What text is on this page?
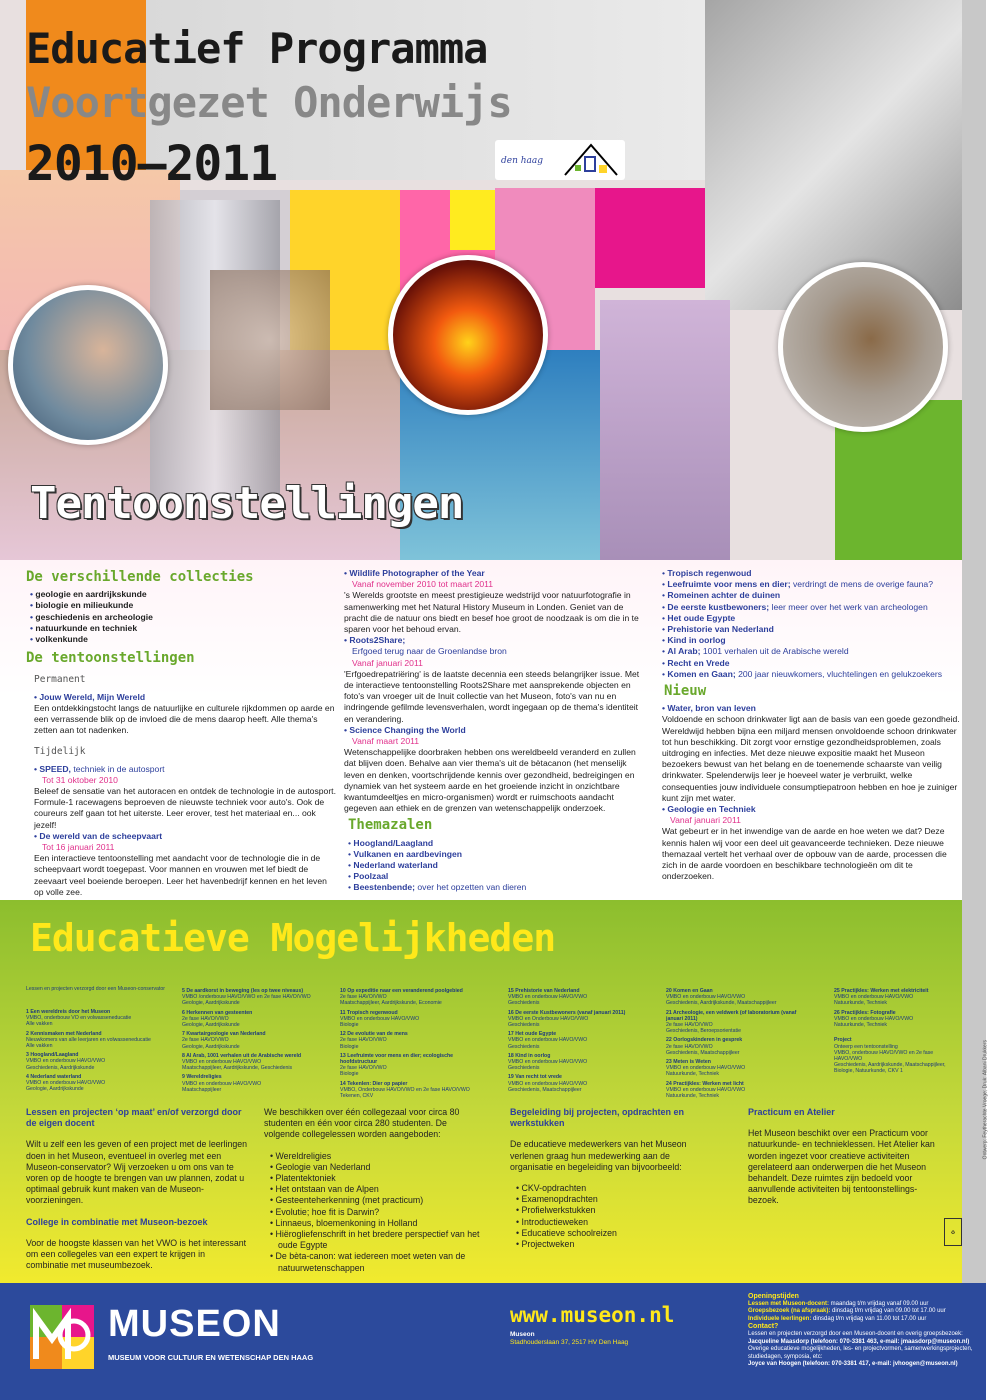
Educatief Programma
Voortgezet Onderwijs
2010–2011	den haag
Tentoonstellingen
De verschillende collecties
• geologie en aardrijkskunde
• biologie en milieukunde
• geschiedenis en archeologie
• natuurkunde en techniek
• volkenkunde
De tentoonstellingen
Permanent
• Jouw Wereld, Mijn Wereld

Een ontdekkingstocht langs de natuurlijke en culturele rijkdommen op aarde en een verrassende blik op de invloed die de mens daarop heeft. Alle thema's zetten aan tot nadenken.

Tijdelijk
• SPEED, techniek in de autosport
Tot 31 oktober 2010

Beleef de sensatie van het autoracen en ontdek de technologie in de autosport. Formule-1 racewagens beproeven de nieuwste techniek voor auto's. Ook de coureurs zelf gaan tot het uiterste. Leer erover, test het materiaal en... ook jezelf!

• De wereld van de scheepvaart
Tot 16 januari 2011

Een interactieve tentoonstelling met aandacht voor de technologie die in de scheepvaart wordt toegepast. Voor mannen en vrouwen met lef biedt de zeevaart veel boeiende beroepen. Leer het havenbedrijf kennen en het leven op volle zee.

• Wildlife Photographer of the Year
Vanaf november 2010 tot maart 2011

's Werelds grootste en meest prestigieuze wedstrijd voor natuurfotografie in samenwerking met het Natural History Museum in Londen. Geniet van de pracht die de natuur ons biedt en besef hoe groot de noodzaak is om die in te sparen voor het behoud ervan.

• Roots2Share;
Erfgoed terug naar de Groenlandse bron
Vanaf januari 2011

'Erfgoedrepatriëring' is de laatste decennia een steeds belangrijker issue. Met de interactieve tentoonstelling Roots2Share met aansprekende objecten en foto's van vroeger uit de Inuit collectie van het Museon, foto's van nu en indringende gefilmde levensverhalen, wordt ingegaan op de thema's identiteit en verandering.

• Science Changing the World
Vanaf maart 2011

Wetenschappelijke doorbraken hebben ons wereldbeeld veranderd en zullen dat blijven doen. Behalve aan vier thema's uit de bètacanon (het menselijk leven en denken, voortschrijdende kennis over gezondheid, bedreigingen en dynamiek van het systeem aarde en het groeiende inzicht in onzichtbare kwantumdeeltjes en micro-organismen) wordt er ruimschoots aandacht gegeven aan ethiek en de grenzen van wetenschappelijk onderzoek.

Themazalen
• Hoogland/Laagland
• Vulkanen en aardbevingen
• Nederland waterland
• Poolzaal
• Beestenbende; over het opzetten van dieren
• Tropisch regenwoud
• Leefruimte voor mens en dier; verdringt de mens de overige fauna?
• Romeinen achter de duinen
• De eerste kustbewoners; leer meer over het werk van archeologen
• Het oude Egypte
• Prehistorie van Nederland
• Kind in oorlog
• Al Arab; 1001 verhalen uit de Arabische wereld
• Recht en Vrede
• Komen en Gaan; 200 jaar nieuwkomers, vluchtelingen en gelukzoekers
Nieuw
• Water, bron van leven

Voldoende en schoon drinkwater ligt aan de basis van een goede gezondheid. Wereldwijd hebben bijna een miljard mensen onvoldoende schoon drinkwater tot hun beschikking. Dit zorgt voor ernstige gezondheidsproblemen, zoals uitdroging en infecties. Met deze nieuwe expositie maakt het Museon bezoekers bewust van het belang en de toenemende schaarste van veilig drinkwater. Spelenderwijs leer je hoeveel water je verbruikt, welke consequenties jouw individuele consumptiepatroon hebben en hoe je zuiniger kunt zijn met water.

• Geologie en Techniek
Vanaf januari 2011

Wat gebeurt er in het inwendige van de aarde en hoe weten we dat? Deze kennis halen wij voor een deel uit geavanceerde technieken. Deze nieuwe themazaal vertelt het verhaal over de opbouw van de aarde, processen die zich in de aarde voordoen en beschikbare technologieën om dit te onderzoeken.

Educatieve Mogelijkheden
Lessen en projecten verzorgd door een Museon-conservator
1 Een wereldreis door het Museon
VMBO, onderbouw VO en volwasseneducatie
Alle vakken
2 Kennismaken met Nederland
Nieuwkomers van alle leerjaren en volwasseneducatie
Alle vakken
3 Hoogland/Laagland
VMBO en onderbouw HAVO/VWO
Geschiedenis, Aardrijkskunde
4 Nederland waterland
VMBO en onderbouw HAVO/VWO
Geologie, Aardrijkskunde
5 De aardkorst in beweging (les op twee niveaus)
VMBO /onderbouw HAVO/VWO en 2e fase HAVO/VWO
Geologie, Aardrijkskunde
6 Herkennen van gesteenten
2e fase HAVO/VWO
Geologie, Aardrijkskunde
7 Kwartairgeologie van Nederland
2e fase HAVO/VWO
Geologie, Aardrijkskunde
8 Al Arab, 1001 verhalen uit de Arabische wereld
VMBO en onderbouw HAVO/VWO
Maatschappijleer, Aardrijkskunde, Geschiedenis
9 Wereldreligies
VMBO en onderbouw HAVO/VWO
Maatschappijleer
10 Op expeditie naar een veranderend poolgebied
2e fase HAVO/VWO
Maatschappijleer, Aardrijkskunde, Economie
11 Tropisch regenwoud
VMBO en onderbouw HAVO/VWO
Biologie
12 De evolutie van de mens
2e fase HAVO/VWO
Biologie
13 Leefruimte voor mens en dier; ecologische hoofdstructuur
2e fase HAVO/VWO
Biologie
14 Tekenlen: Dier op papier
VMBO, Onderbouw HAVO/VWO en 2e fase HAVO/VWO
Tekenen, CKV
15 Prehistorie van Nederland
VMBO en onderbouw HAVO/VWO
Geschiedenis
16 De eerste Kustbewoners (vanaf januari 2011)
VMBO en Onderbouw HAVO/VWO
Geschiedenis
17 Het oude Egypte
VMBO en onderbouw HAVO/VWO
Geschiedenis
18 Kind in oorlog
VMBO en onderbouw HAVO/VWO
Geschiedenis
19 Van recht tot vrede
VMBO en onderbouw HAVO/VWO
Geschiedenis, Maatschappijleer
20 Komen en Gaan
VMBO en onderbouw HAVO/VWO
Geschiedenis, Aardrijkskunde, Maatschappijleer
21 Archeologie, een veldwerk (of laboratorium (vanaf januari 2011)
2e fase HAVO/VWO
Geschiedenis, Beroepsorientatie
22 Oorlogskinderen in gesprek
2e fase HAVO/VWO
Geschiedenis, Maatschappijleer
23 Meten is Weten
VMBO en onderbouw HAVO/VWO
Natuurkunde, Techniek
24 Practijkles: Werken met licht
VMBO en onderbouw HAVO/VWO
Natuurkunde, Techniek
25 Practijkles: Werken met elektriciteit
VMBO en onderbouw HAVO/VWO
Natuurkunde, Techniek
26 Practijkles: Fotografie
VMBO en onderbouw HAVO/VWO
Natuurkunde, Techniek

Project
Onteerp een tentoonstelling
VMBO, onderbouw HAVO/VWO en 2e fase HAVO/VWO
Geschiedenis, Aardrijkskunde, Maatschappijleer,
Biologie, Natuurkunde, CKV 1
Lessen en projecten ‘op maat’ en/of verzorgd door de eigen docent

Wilt u zelf een les geven of een project met de leerlingen doen in het Museon, eventueel in overleg met een Museon-conservator? Wij verzoeken u om ons van te voren op de hoogte te brengen van uw plannen, zodat u optimaal gebruik kunt maken van de Museon-voorzieningen.

College in combinatie met Museon-bezoek

Voor de hoogste klassen van het VWO is het interessant om een collegeles van een expert te krijgen in combinatie met museumbezoek.

We beschikken over één collegezaal voor circa 80 studenten en één voor circa 280 studenten. De volgende collegelessen worden aangeboden:

• Wereldreligies
• Geologie van Nederland
• Platentektoniek
• Het ontstaan van de Alpen
• Gesteenteherkenning (met practicum)
• Evolutie; hoe fit is Darwin?
• Linnaeus, bloemenkoning in Holland
• Hiërogliefenschrift in het bredere perspectief van het oude Egypte
• De bèta-canon: wat iedereen moet weten van de natuurwetenschappen
Begeleiding bij projecten, opdrachten en werkstukken

De educatieve medewerkers van het Museon verlenen graag hun medewerking aan de organisatie en begeleiding van bijvoorbeeld:

• CKV-opdrachten
• Examenopdrachten
• Profielwerkstukken
• Introductieweken
• Educatieve schoolreizen
• Projectweken
Practicum en Atelier

Het Museon beschikt over een Practicum voor natuurkunde- en technieklessen. Het Atelier kan worden ingezet voor creatieve activiteiten gerelateerd aan onderwerpen die het Museon behandelt. Deze ruimtes zijn bedoeld voor aanvullende activiteiten bij tentoonstellings-bezoek.

♻
Ontwerp: Feytherachte Vroege; Druk: Albani Drukkers
MUSEON
MUSEUM VOOR CULTUUR EN WETENSCHAP DEN HAAG
www.museon.nl
Museon
Stadhouderslaan 37, 2517 HV Den Haag
Openingstijden
Lessen met Museon-docent: maandag t/m vrijdag vanaf 09.00 uur
Groepsbezoek (na afspraak): dinsdag t/m vrijdag van 09.00 tot 17.00 uur
Individuele leerlingen: dinsdag t/m vrijdag van 11.00 tot 17.00 uur
Contact?
Lessen en projecten verzorgd door een Museon-docent en overig groepsbezoek:
Jacqueline Maasdorp (telefoon: 070-3381 463, e-mail: jmaasdorp@museon.nl)
Overige educatieve mogelijkheden, les- en projectvormen, samenwerkingsprojecten,
studiedagen, symposia, etc:
Joyce van Hoogen (telefoon: 070-3381 417, e-mail: jvhoogen@museon.nl)
